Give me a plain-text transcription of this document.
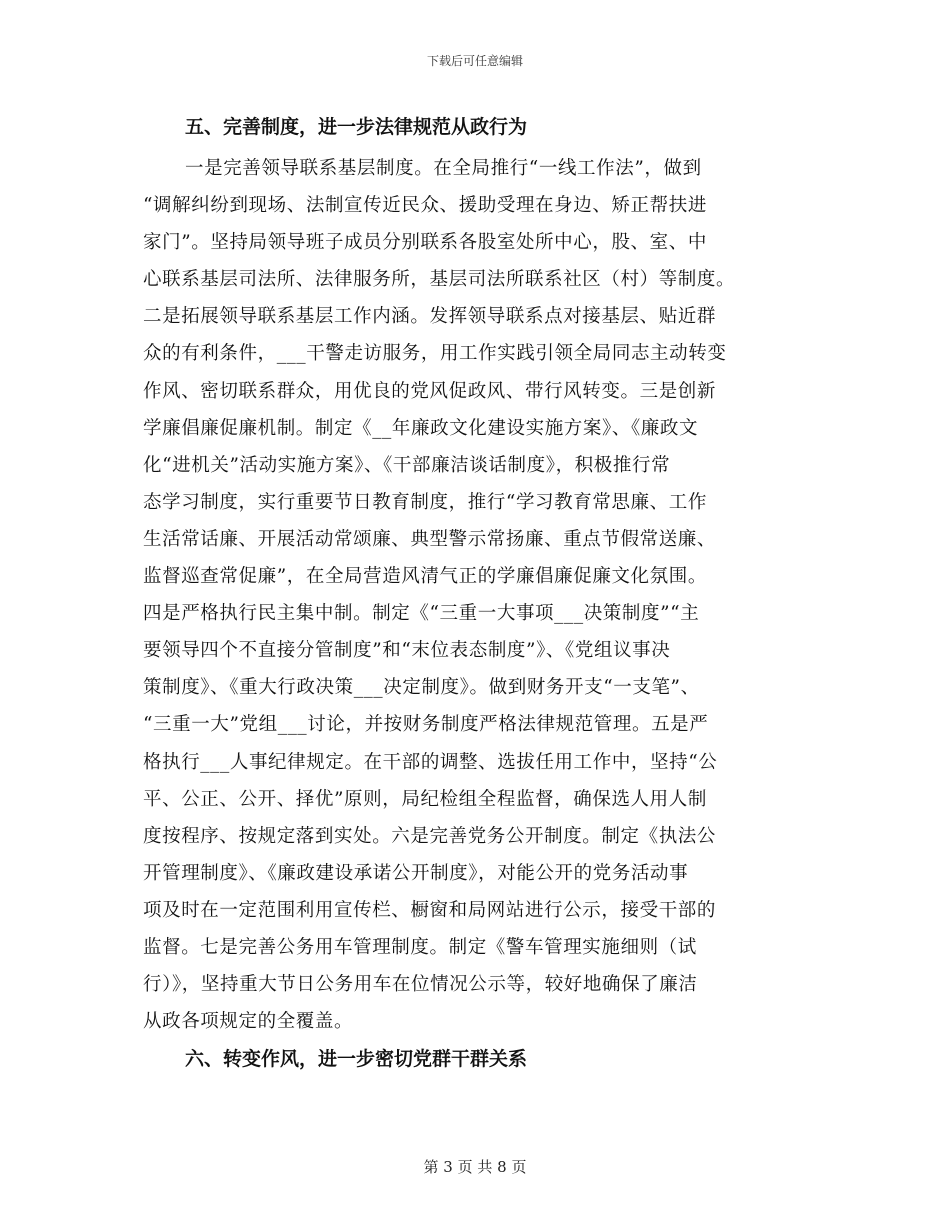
下载后可任意编辑

五、完善制度，进一步法律规范从政行为

一是完善领导联系基层制度。在全局推行“一线工作法”，做到

“调解纠纷到现场、法制宣传近民众、援助受理在身边、矫正帮扶进

家门”。坚持局领导班子成员分别联系各股室处所中心，股、室、中

心联系基层司法所、法律服务所，基层司法所联系社区（村）等制度。

二是拓展领导联系基层工作内涵。发挥领导联系点对接基层、贴近群

众的有利条件，___干警走访服务，用工作实践引领全局同志主动转变

作风、密切联系群众，用优良的党风促政风、带行风转变。三是创新

学廉倡廉促廉机制。制定《__年廉政文化建设实施方案》、《廉政文

化“进机关”活动实施方案》、《干部廉洁谈话制度》，积极推行常

态学习制度，实行重要节日教育制度，推行“学习教育常思廉、工作

生活常话廉、开展活动常颂廉、典型警示常扬廉、重点节假常送廉、

监督巡查常促廉”，在全局营造风清气正的学廉倡廉促廉文化氛围。

四是严格执行民主集中制。制定《“三重一大事项___决策制度”“主

要领导四个不直接分管制度”和“末位表态制度”》、《党组议事决

策制度》、《重大行政决策___决定制度》。做到财务开支“一支笔”、

“三重一大”党组___讨论，并按财务制度严格法律规范管理。五是严

格执行___人事纪律规定。在干部的调整、选拔任用工作中，坚持“公

平、公正、公开、择优”原则，局纪检组全程监督，确保选人用人制

度按程序、按规定落到实处。六是完善党务公开制度。制定《执法公

开管理制度》、《廉政建设承诺公开制度》，对能公开的党务活动事

项及时在一定范围利用宣传栏、橱窗和局网站进行公示，接受干部的

监督。七是完善公务用车管理制度。制定《警车管理实施细则（试

行）》，坚持重大节日公务用车在位情况公示等，较好地确保了廉洁

从政各项规定的全覆盖。

六、转变作风，进一步密切党群干群关系

第 3 页 共 8 页
